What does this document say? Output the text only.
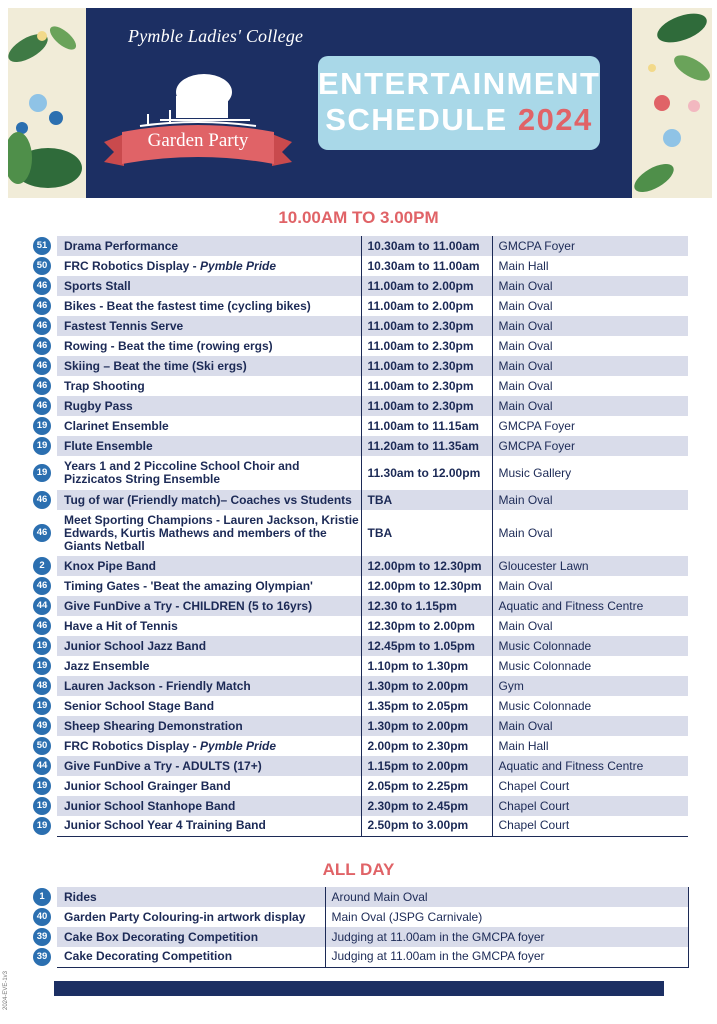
Pymble Ladies' College
Garden Party
ENTERTAINMENT
SCHEDULE 2024
10.00AM TO 3.00PM
51	Drama Performance	10.30am to 11.00am	GMCPA Foyer
50	FRC Robotics Display - Pymble Pride	10.30am to 11.00am	Main Hall
46	Sports Stall	11.00am to 2.00pm	Main Oval
46	Bikes - Beat the fastest time (cycling bikes)	11.00am to 2.00pm	Main Oval
46	Fastest Tennis Serve	11.00am to 2.30pm	Main Oval
46	Rowing - Beat the time (rowing ergs)	11.00am to 2.30pm	Main Oval
46	Skiing – Beat the time (Ski ergs)	11.00am to 2.30pm	Main Oval
46	Trap Shooting	11.00am to 2.30pm	Main Oval
46	Rugby Pass	11.00am to 2.30pm	Main Oval
19	Clarinet Ensemble	11.00am to 11.15am	GMCPA Foyer
19	Flute Ensemble	11.20am to 11.35am	GMCPA Foyer
19	Years 1 and 2 Piccoline School Choir and Pizzicatos String Ensemble	11.30am to 12.00pm	Music Gallery
46	Tug of war (Friendly match)– Coaches vs Students	TBA	Main Oval
46	Meet Sporting Champions - Lauren Jackson, Kristie Edwards, Kurtis Mathews and members of the Giants Netball	TBA	Main Oval
2	Knox Pipe Band	12.00pm to 12.30pm	Gloucester Lawn
46	Timing Gates - 'Beat the amazing Olympian'	12.00pm to 12.30pm	Main Oval
44	Give FunDive a Try - CHILDREN (5 to 16yrs)	12.30 to 1.15pm	Aquatic and Fitness Centre
46	Have a Hit of Tennis	12.30pm to 2.00pm	Main Oval
19	Junior School Jazz Band	12.45pm to 1.05pm	Music Colonnade
19	Jazz Ensemble	1.10pm to 1.30pm	Music Colonnade
48	Lauren Jackson - Friendly Match	1.30pm to 2.00pm	Gym
19	Senior School Stage Band	1.35pm to 2.05pm	Music Colonnade
49	Sheep Shearing Demonstration	1.30pm to 2.00pm	Main Oval
50	FRC Robotics Display - Pymble Pride	2.00pm to 2.30pm	Main Hall
44	Give FunDive a Try - ADULTS (17+)	1.15pm to 2.00pm	Aquatic and Fitness Centre
19	Junior School Grainger Band	2.05pm to 2.25pm	Chapel Court
19	Junior School Stanhope Band	2.30pm to 2.45pm	Chapel Court
19	Junior School Year 4 Training Band	2.50pm to 3.00pm	Chapel Court
ALL DAY
1	Rides	Around Main Oval
40	Garden Party Colouring-in artwork display	Main Oval (JSPG Carnivale)
39	Cake Box Decorating Competition	Judging at 11.00am in the GMCPA foyer
39	Cake Decorating Competition	Judging at 11.00am in the GMCPA foyer
2024-EVE-1v3
